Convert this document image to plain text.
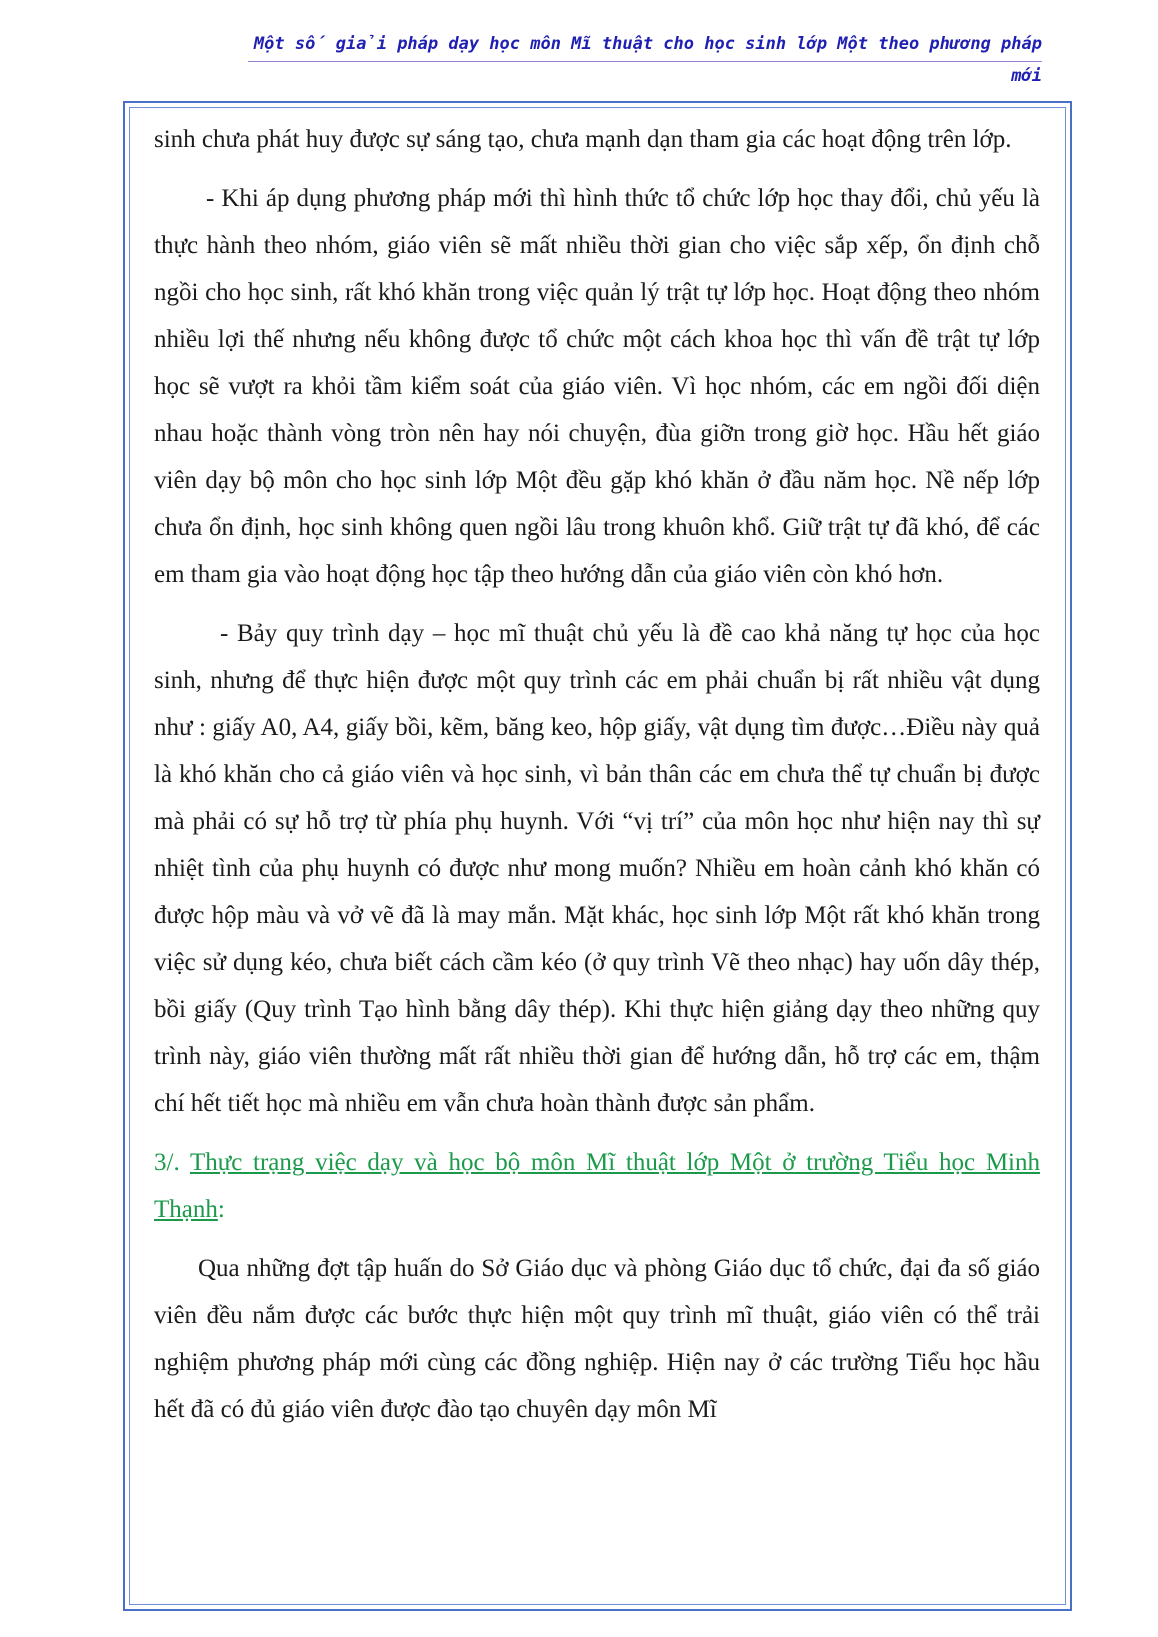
Một số giải pháp dạy học môn Mĩ thuật cho học sinh lớp Một theo phương pháp
mới

sinh chưa phát huy được sự sáng tạo, chưa mạnh dạn tham gia các hoạt động trên lớp.

- Khi áp dụng phương pháp mới thì hình thức tổ chức lớp học thay đổi, chủ yếu là thực hành theo nhóm, giáo viên sẽ mất nhiều thời gian cho việc sắp xếp, ổn định chỗ ngồi cho học sinh, rất khó khăn trong việc quản lý trật tự lớp học. Hoạt động theo nhóm nhiều lợi thế nhưng nếu không được tổ chức một cách khoa học thì vấn đề trật tự lớp học sẽ vượt ra khỏi tầm kiểm soát của giáo viên. Vì học nhóm, các em ngồi đối diện nhau hoặc thành vòng tròn nên hay nói chuyện, đùa giỡn trong giờ học. Hầu hết giáo viên dạy bộ môn cho học sinh lớp Một đều gặp khó khăn ở đầu năm học. Nề nếp lớp chưa ổn định, học sinh không quen ngồi lâu trong khuôn khổ. Giữ trật tự đã khó, để các em tham gia vào hoạt động học tập theo hướng dẫn của giáo viên còn khó hơn.

- Bảy quy trình dạy – học mĩ thuật chủ yếu là đề cao khả năng tự học của học sinh, nhưng để thực hiện được một quy trình các em phải chuẩn bị rất nhiều vật dụng như : giấy A0, A4, giấy bồi, kẽm, băng keo, hộp giấy, vật dụng tìm được…Điều này quả là khó khăn cho cả giáo viên và học sinh, vì bản thân các em chưa thể tự chuẩn bị được mà phải có sự hỗ trợ từ phía phụ huynh. Với “vị trí” của môn học như hiện nay thì sự nhiệt tình của phụ huynh có được như mong muốn? Nhiều em hoàn cảnh khó khăn có được hộp màu và vở vẽ đã là may mắn. Mặt khác, học sinh lớp Một rất khó khăn trong việc sử dụng kéo, chưa biết cách cầm kéo (ở quy trình Vẽ theo nhạc) hay uốn dây thép, bồi giấy (Quy trình Tạo hình bằng dây thép). Khi thực hiện giảng dạy theo những quy trình này, giáo viên thường mất rất nhiều thời gian để hướng dẫn, hỗ trợ các em, thậm chí hết tiết học mà nhiều em vẫn chưa hoàn thành được sản phẩm.

3/. Thực trạng việc dạy và học bộ môn Mĩ thuật lớp Một ở trường Tiểu học Minh Thạnh:

Qua những đợt tập huấn do Sở Giáo dục và phòng Giáo dục tổ chức, đại đa số giáo viên đều nắm được các bước thực hiện một quy trình mĩ thuật, giáo viên có thể trải nghiệm phương pháp mới cùng các đồng nghiệp. Hiện nay ở các trường Tiểu học hầu hết đã có đủ giáo viên được đào tạo chuyên dạy môn Mĩ
